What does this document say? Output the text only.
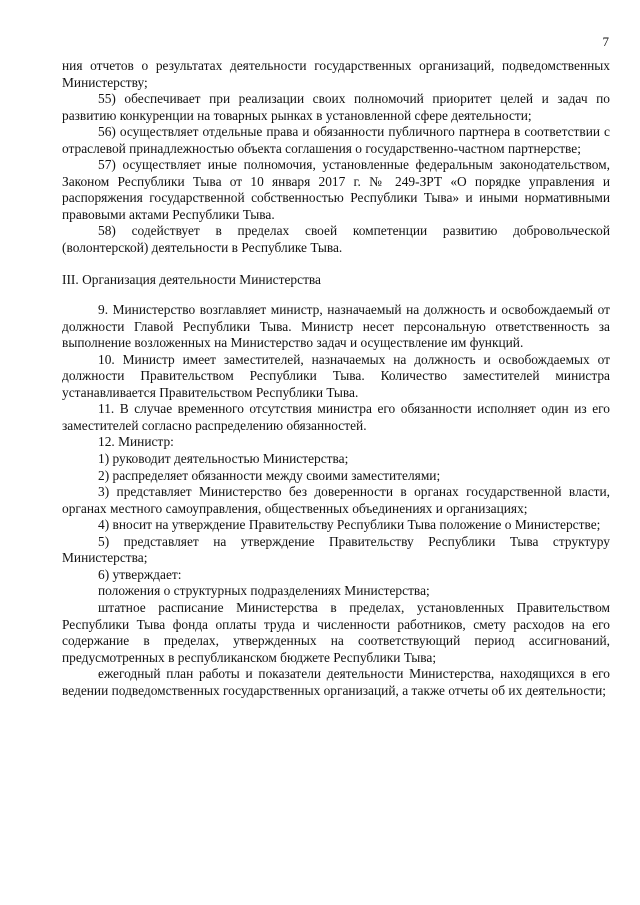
7

ния отчетов о результатах деятельности государственных организаций, подведомственных Министерству;

55) обеспечивает при реализации своих полномочий приоритет целей и задач по развитию конкуренции на товарных рынках в установленной сфере деятельности;

56) осуществляет отдельные права и обязанности публичного партнера в соответствии с отраслевой принадлежностью объекта соглашения о государственно-частном партнерстве;

57) осуществляет иные полномочия, установленные федеральным законодательством, Законом Республики Тыва от 10 января 2017 г. № 249-ЗРТ «О порядке управления и распоряжения государственной собственностью Республики Тыва» и иными нормативными правовыми актами Республики Тыва.

58) содействует в пределах своей компетенции развитию добровольческой (волонтерской) деятельности в Республике Тыва.

III. Организация деятельности Министерства

9. Министерство возглавляет министр, назначаемый на должность и освобождаемый от должности Главой Республики Тыва. Министр несет персональную ответственность за выполнение возложенных на Министерство задач и осуществление им функций.

10. Министр имеет заместителей, назначаемых на должность и освобождаемых от должности Правительством Республики Тыва. Количество заместителей министра устанавливается Правительством Республики Тыва.

11. В случае временного отсутствия министра его обязанности исполняет один из его заместителей согласно распределению обязанностей.

12. Министр:

1) руководит деятельностью Министерства;

2) распределяет обязанности между своими заместителями;

3) представляет Министерство без доверенности в органах государственной власти, органах местного самоуправления, общественных объединениях и организациях;

4) вносит на утверждение Правительству Республики Тыва положение о Министерстве;

5) представляет на утверждение Правительству Республики Тыва структуру Министерства;

6) утверждает:

положения о структурных подразделениях Министерства;

штатное расписание Министерства в пределах, установленных Правительством Республики Тыва фонда оплаты труда и численности работников, смету расходов на его содержание в пределах, утвержденных на соответствующий период ассигнований, предусмотренных в республиканском бюджете Республики Тыва;

ежегодный план работы и показатели деятельности Министерства, находящихся в его ведении подведомственных государственных организаций, а также отчеты об их деятельности;
